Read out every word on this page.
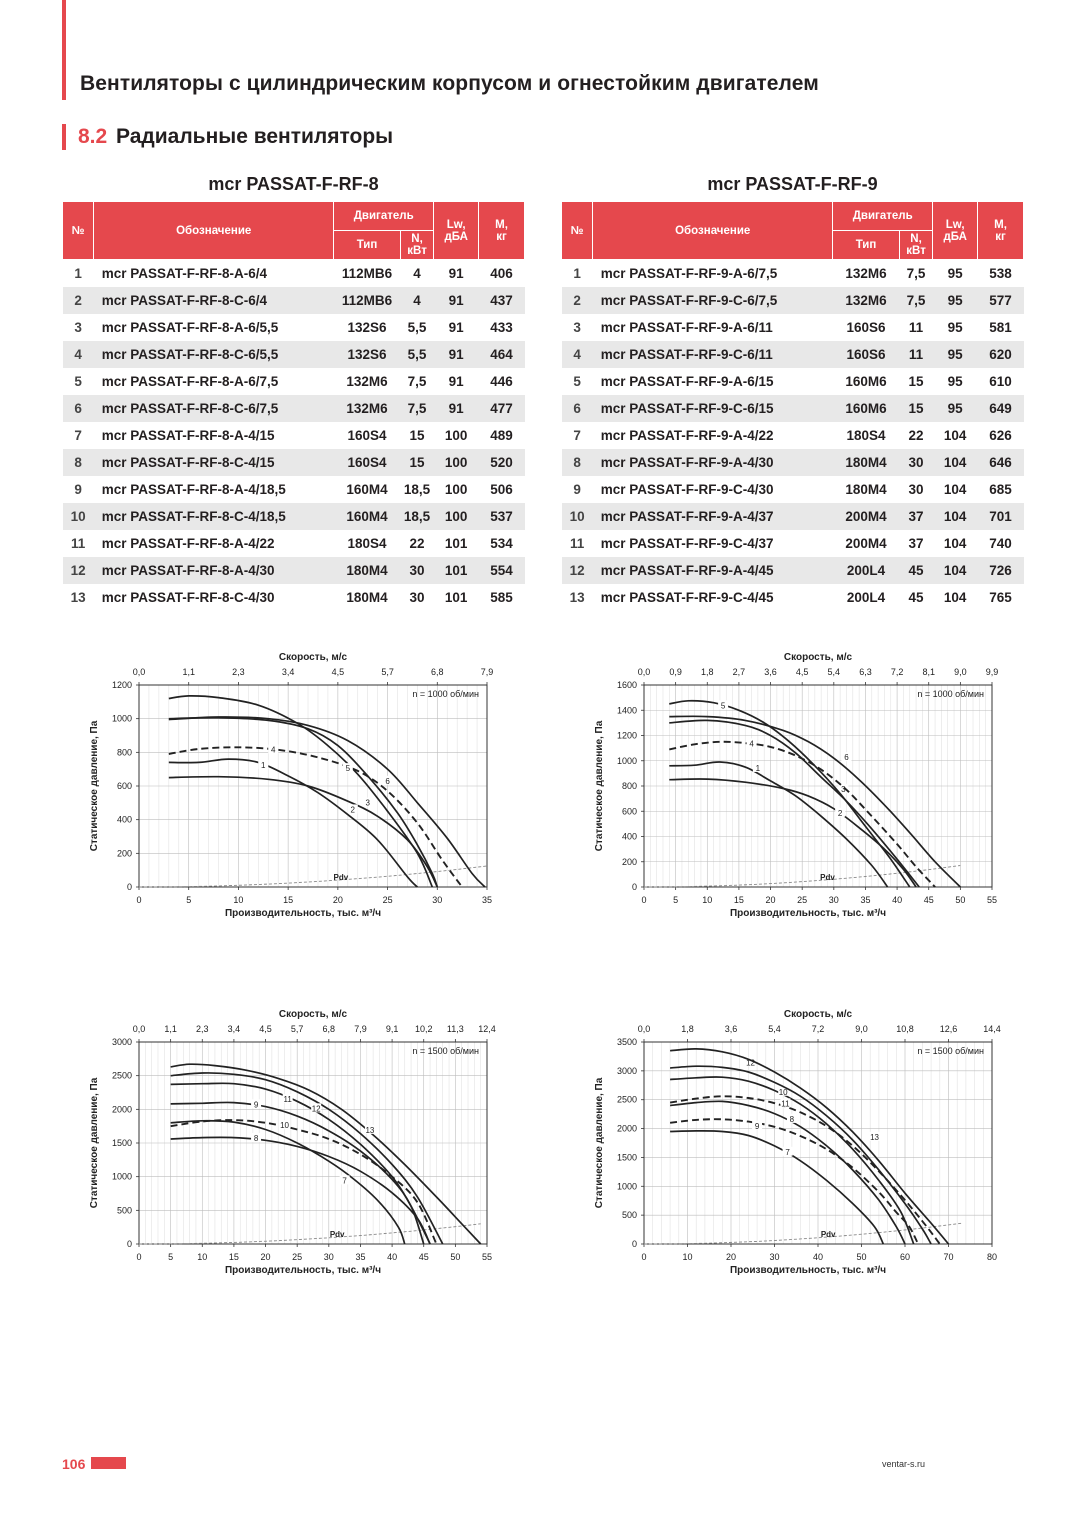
Вентиляторы с цилиндрическим корпусом и огнестойким двигателем
8.2 Радиальные вентиляторы
mcr PASSAT-F-RF-8	mcr PASSAT-F-RF-9
№	Обозначение	Двигатель		Lw,
дБА	М,
кг
		Тип	N,
кВт		
1	mcr PASSAT-F-RF-8-A-6/4	112MB6	4	91	406
2	mcr PASSAT-F-RF-8-C-6/4	112MB6	4	91	437
3	mcr PASSAT-F-RF-8-A-6/5,5	132S6	5,5	91	433
4	mcr PASSAT-F-RF-8-C-6/5,5	132S6	5,5	91	464
5	mcr PASSAT-F-RF-8-A-6/7,5	132M6	7,5	91	446
6	mcr PASSAT-F-RF-8-C-6/7,5	132M6	7,5	91	477
7	mcr PASSAT-F-RF-8-A-4/15	160S4	15	100	489
8	mcr PASSAT-F-RF-8-C-4/15	160S4	15	100	520
9	mcr PASSAT-F-RF-8-A-4/18,5	160M4	18,5	100	506
10	mcr PASSAT-F-RF-8-C-4/18,5	160M4	18,5	100	537
11	mcr PASSAT-F-RF-8-A-4/22	180S4	22	101	534
12	mcr PASSAT-F-RF-8-A-4/30	180M4	30	101	554
13	mcr PASSAT-F-RF-8-C-4/30	180M4	30	101	585
№	Обозначение	Двигатель		Lw,
дБА	М,
кг
		Тип	N,
кВт		
1	mcr PASSAT-F-RF-9-A-6/7,5	132M6	7,5	95	538
2	mcr PASSAT-F-RF-9-C-6/7,5	132M6	7,5	95	577
3	mcr PASSAT-F-RF-9-A-6/11	160S6	11	95	581
4	mcr PASSAT-F-RF-9-C-6/11	160S6	11	95	620
5	mcr PASSAT-F-RF-9-A-6/15	160M6	15	95	610
6	mcr PASSAT-F-RF-9-C-6/15	160M6	15	95	649
7	mcr PASSAT-F-RF-9-A-4/22	180S4	22	104	626
8	mcr PASSAT-F-RF-9-A-4/30	180M4	30	104	646
9	mcr PASSAT-F-RF-9-C-4/30	180M4	30	104	685
10	mcr PASSAT-F-RF-9-A-4/37	200M4	37	104	701
11	mcr PASSAT-F-RF-9-C-4/37	200M4	37	104	740
12	mcr PASSAT-F-RF-9-A-4/45	200L4	45	104	726
13	mcr PASSAT-F-RF-9-C-4/45	200L4	45	104	765
0	5	10	15	20	25	30	35
0,0	1,1	2,3	3,4	4,5	5,7	6,8	7,9
0
200
400
600
800
1000
1200
Скорость, м/с
Производительность, тыс. м³/ч
Статическое давление, Па
n = 1000 об/мин
Pdv
1
2
3
4
5
6
0	5	10 15 20 25 30 35 40 45 50 55
0,0 0,9 1,8 2,7 3,6 4,5 5,4 6,3 7,2 8,1 9,0 9,9
0
200
400
600
800
1000
1200
1400
1600
Скорость, м/с
Производительность, тыс. м³/ч
Статическое давление, Па
n = 1000 об/мин
Pdv
1
2
3
4
5
6
0	5	10 15 20 25 30 35 40 45 50 55
0,0 1,1 2,3 3,4 4,5 5,7 6,8 7,9 9,1 10,2 11,3 12,4
0
500
1000
1500
2000
2500
3000
Скорость, м/с
Производительность, тыс. м³/ч
Статическое давление, Па
n = 1500 об/мин
Pdv
7
8
9
10
11
12
13
0	10	20	30	40	50	60	70	80
0,0	1,8	3,6	5,4	7,2	9,0	10,8	12,6	14,4
0
500
1000
1500
2000
2500
3000
3500
Скорость, м/с
Производительность, тыс. м³/ч
Статическое давление, Па
n = 1500 об/мин
Pdv
7
8
9
10
11
12
13
106	ventar-s.ru
